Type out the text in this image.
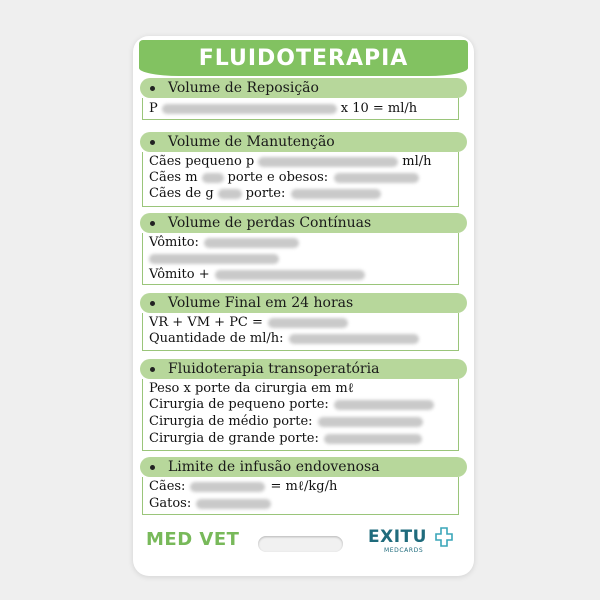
FLUIDOTERAPIA
Volume de Reposição
P	x 10 = ml/h
Volume de Manutenção
Cães pequeno p	ml/h
Cães m porte e obesos:
Cães de g porte:
Volume de perdas Contínuas
Vômito:
Vômito +
Volume Final em 24 horas
VR + VM + PC =
Quantidade de ml/h:
Fluidoterapia transoperatória
Peso x porte da cirurgia em mℓ
Cirurgia de pequeno porte:
Cirurgia de médio porte:
Cirurgia de grande porte:
Limite de infusão endovenosa
Cães:	= mℓ/kg/h
Gatos:
MED VET	EXITU
MEDCARDS
